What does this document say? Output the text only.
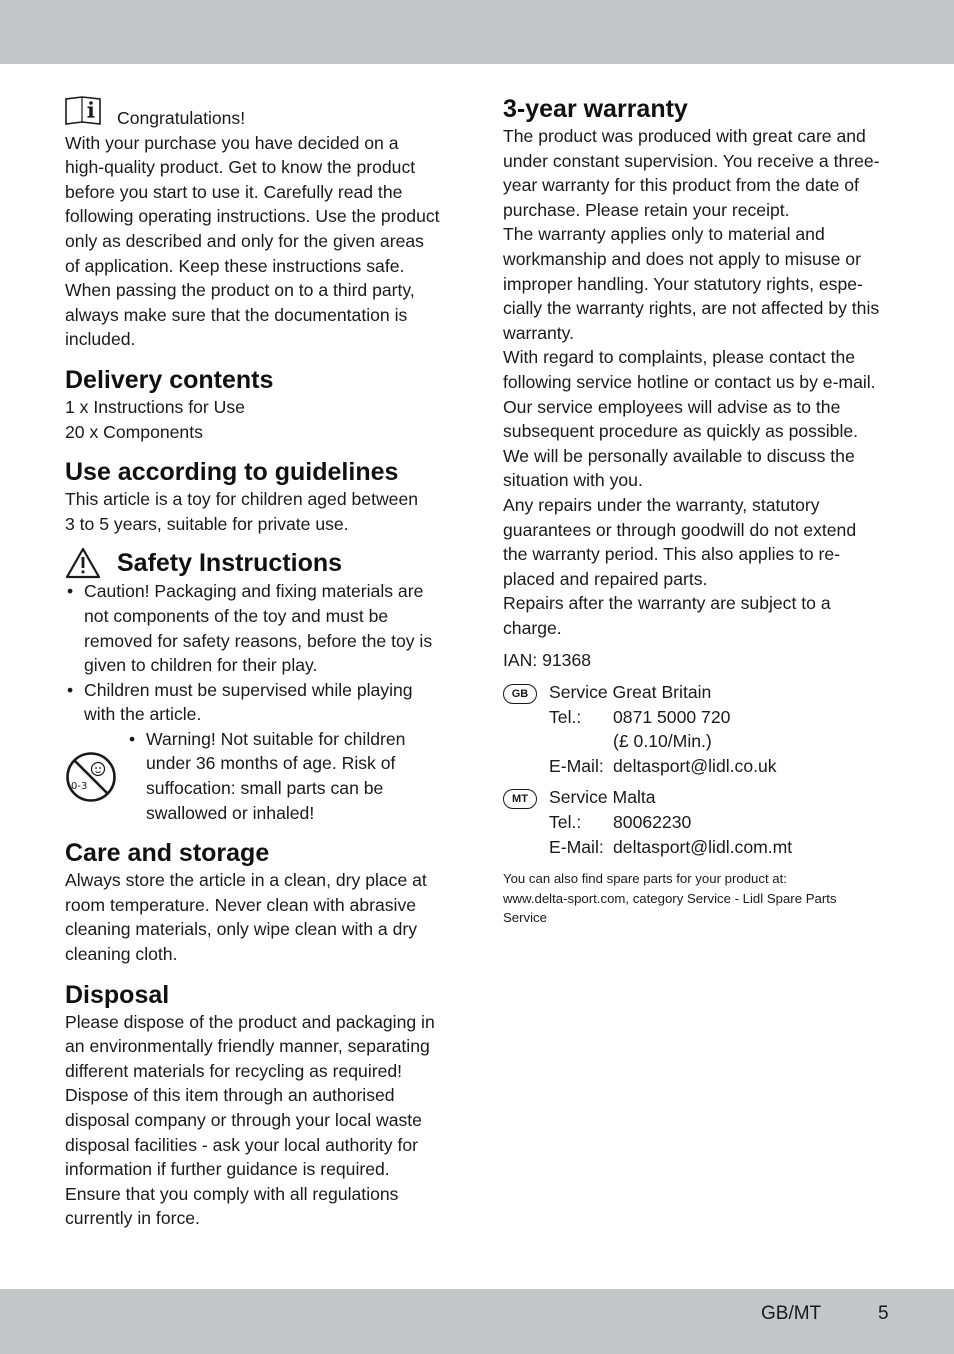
Congratulations!

With your purchase you have decided on a

high-quality product. Get to know the product

before you start to use it. Carefully read the

following operating instructions. Use the product

only as described and only for the given areas

of application. Keep these instructions safe.

When passing the product on to a third party,

always make sure that the documentation is

included.

Delivery contents

1 x Instructions for Use

20 x Components

Use according to guidelines

This article is a toy for children aged between

3 to 5 years, suitable for private use.

Safety Instructions
• Caution! Packaging and fixing materials are
not components of the toy and must be
removed for safety reasons, before the toy is
given to children for their play.
• Children must be supervised while playing
with the article.
0-3
• Warning! Not suitable for children
under 36 months of age. Risk of
suffocation: small parts can be
swallowed or inhaled!
Care and storage

Always store the article in a clean, dry place at

room temperature. Never clean with abrasive

cleaning materials, only wipe clean with a dry

cleaning cloth.

Disposal

Please dispose of the product and packaging in

an environmentally friendly manner, separating

different materials for recycling as required!

Dispose of this item through an authorised

disposal company or through your local waste

disposal facilities - ask your local authority for

information if further guidance is required.

Ensure that you comply with all regulations

currently in force.

3-year warranty

The product was produced with great care and

under constant supervision. You receive a three-

year warranty for this product from the date of

purchase. Please retain your receipt.

The warranty applies only to material and

workmanship and does not apply to misuse or

improper handling. Your statutory rights, espe-

cially the warranty rights, are not affected by this

warranty.

With regard to complaints, please contact the

following service hotline or contact us by e-mail.

Our service employees will advise as to the

subsequent procedure as quickly as possible.

We will be personally available to discuss the

situation with you.

Any repairs under the warranty, statutory

guarantees or through goodwill do not extend

the warranty period. This also applies to re-

placed and repaired parts.

Repairs after the warranty are subject to a

charge.

IAN: 91368

GB	Service Great Britain

Tel.:	0871 5000 720
(£ 0.10/Min.)
E-Mail: deltasport@lidl.co.uk
MT	Service Malta

Tel.:	80062230
E-Mail: deltasport@lidl.com.mt
You can also find spare parts for your product at:
www.delta-sport.com, category Service - Lidl Spare Parts
Service
GB/MT	5
